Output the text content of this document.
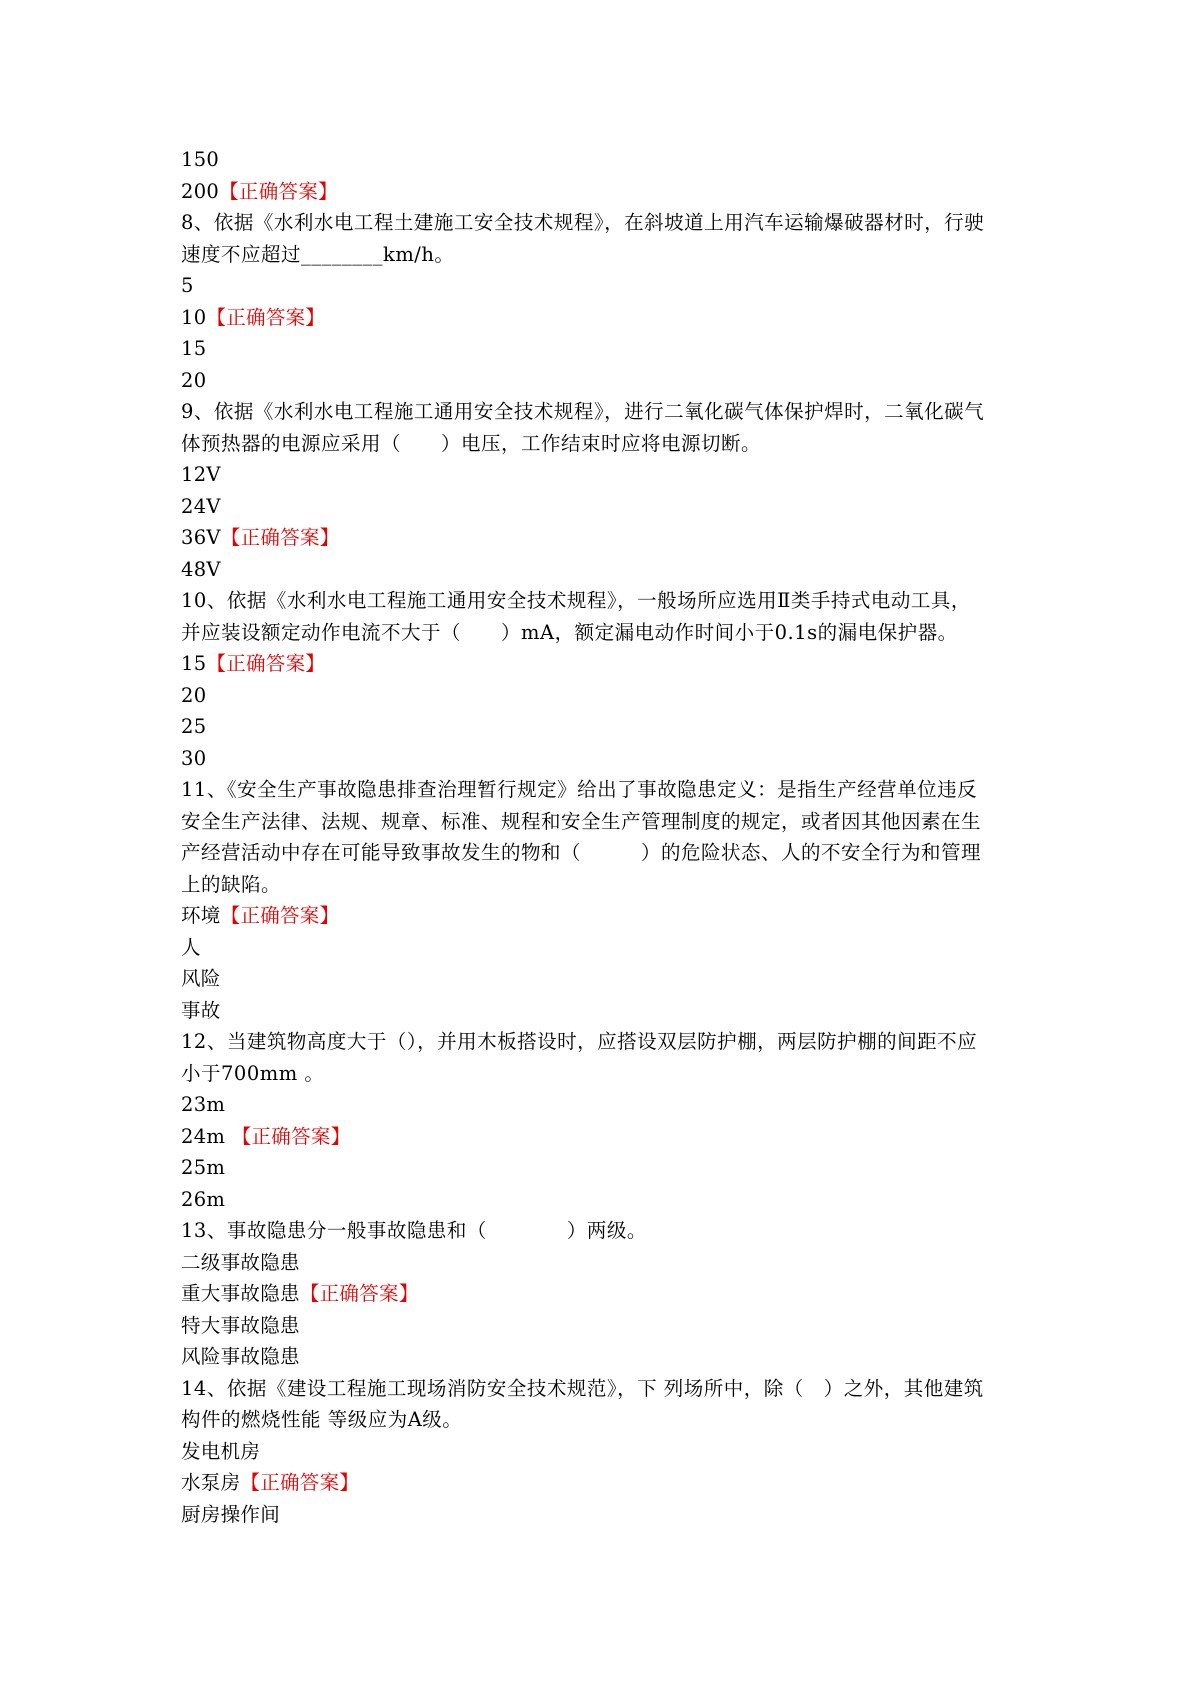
150
200【正确答案】
8、依据《水利水电工程土建施工安全技术规程》，在斜坡道上用汽车运输爆破器材时，行驶
速度不应超过________km/h。
5
10【正确答案】
15
20
9、依据《水利水电工程施工通用安全技术规程》，进行二氧化碳气体保护焊时，二氧化碳气
体预热器的电源应采用（　　）电压，工作结束时应将电源切断。
12V
24V
36V【正确答案】
48V
10、依据《水利水电工程施工通用安全技术规程》，一般场所应选用Ⅱ类手持式电动工具，
并应装设额定动作电流不大于（　　）mA，额定漏电动作时间小于0.1s的漏电保护器。
15【正确答案】
20
25
30
11、《安全生产事故隐患排查治理暂行规定》给出了事故隐患定义：是指生产经营单位违反
安全生产法律、法规、规章、标准、规程和安全生产管理制度的规定，或者因其他因素在生
产经营活动中存在可能导致事故发生的物和（　　　）的危险状态、人的不安全行为和管理
上的缺陷。
环境【正确答案】
人
风险
事故
12、当建筑物高度大于（），并用木板搭设时，应搭设双层防护棚，两层防护棚的间距不应
小于700mm 。
23m
24m 【正确答案】
25m
26m
13、事故隐患分一般事故隐患和（　　　　）两级。
二级事故隐患
重大事故隐患【正确答案】
特大事故隐患
风险事故隐患
14、依据《建设工程施工现场消防安全技术规范》，下 列场所中，除（　）之外，其他建筑
构件的燃烧性能 等级应为A级。
发电机房
水泵房【正确答案】
厨房操作间
